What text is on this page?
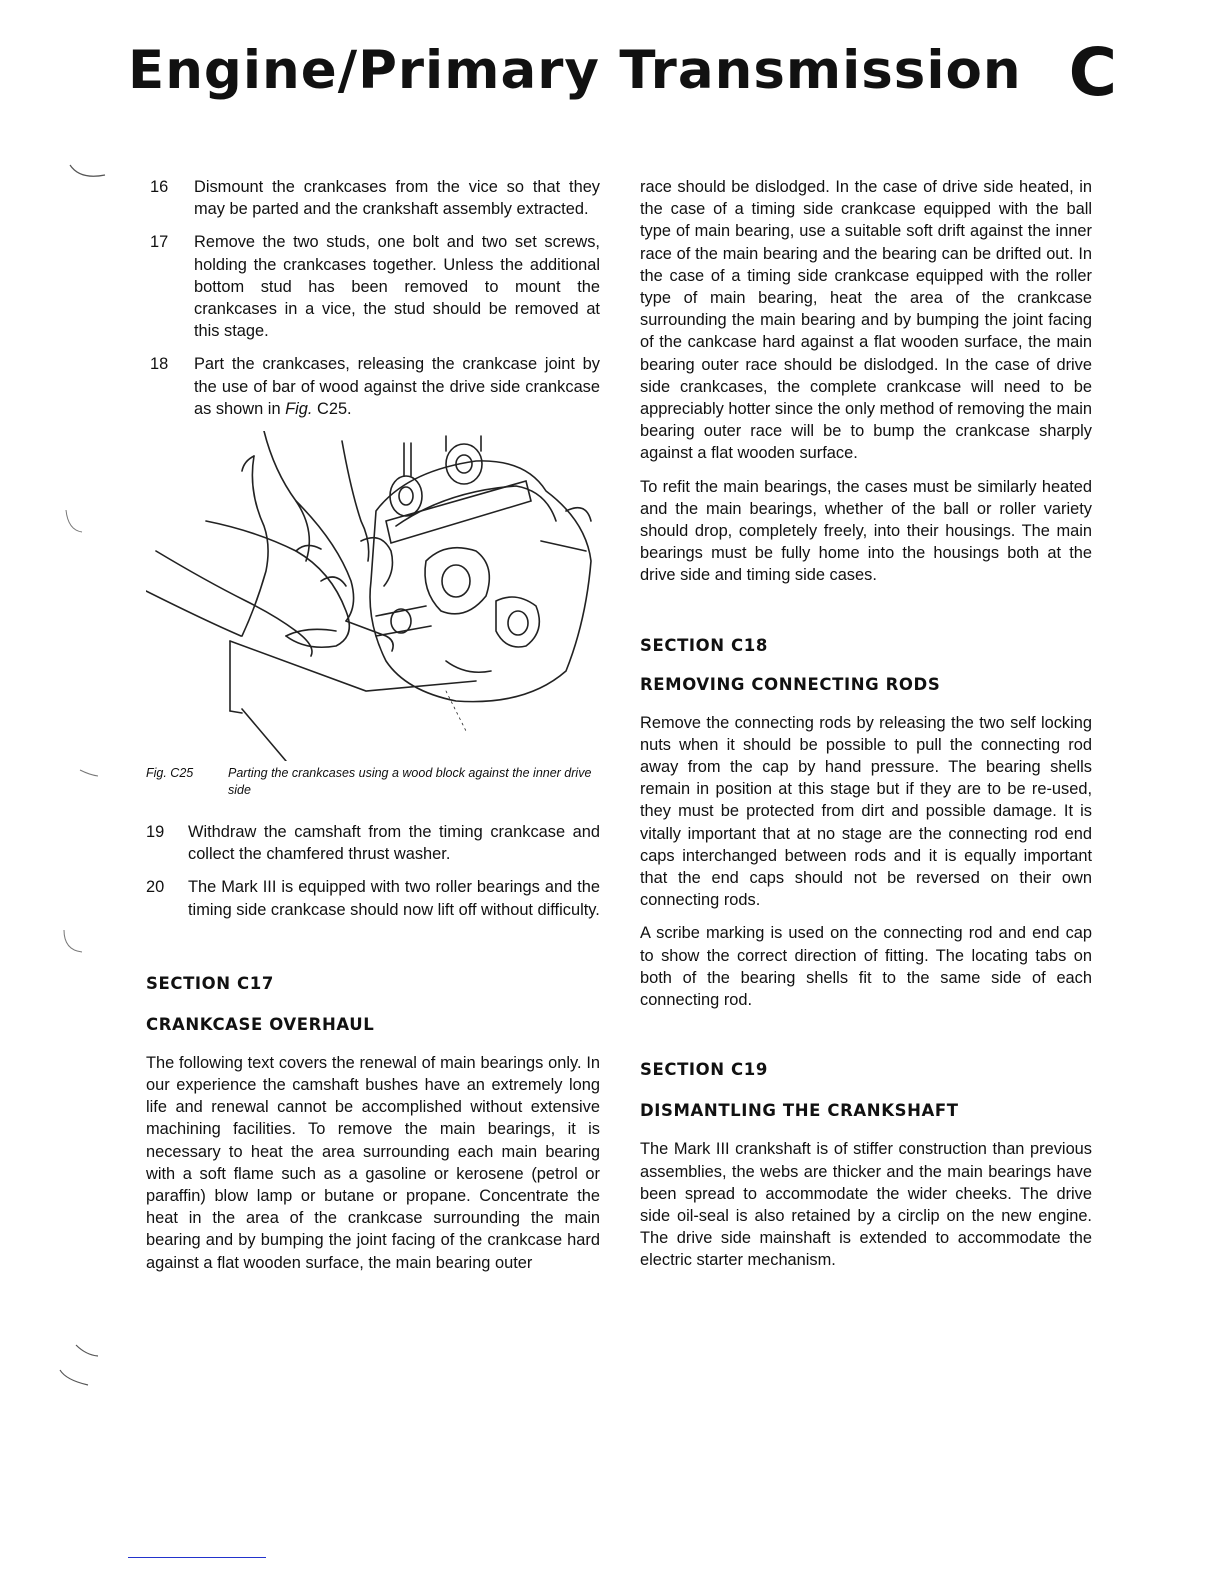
Engine/Primary Transmission C
16	Dismount the crankcases from the vice so that they may be parted and the crankshaft assembly extracted.
17	Remove the two studs, one bolt and two set screws, holding the crankcases together. Unless the additional bottom stud has been removed to mount the crankcases in a vice, the stud should be removed at this stage.
18	Part the crankcases, releasing the crankcase joint by the use of bar of wood against the drive side crankcase as shown in Fig. C25.
Fig. C25	Parting the crankcases using a wood block against the inner drive side
19	Withdraw the camshaft from the timing crankcase and collect the chamfered thrust washer.
20	The Mark III is equipped with two roller bearings and the timing side crankcase should now lift off without difficulty.
SECTION C17
CRANKCASE OVERHAUL

The following text covers the renewal of main bearings only. In our experience the camshaft bushes have an extremely long life and renewal cannot be accomplished without extensive machining facilities. To remove the main bearings, it is necessary to heat the area surrounding each main bearing with a soft flame such as a gasoline or kerosene (petrol or paraffin) blow lamp or butane or propane. Concentrate the heat in the area of the crankcase surrounding the main bearing and by bumping the joint facing of the crankcase hard against a flat wooden surface, the main bearing outer

race should be dislodged. In the case of drive side heated, in the case of a timing side crankcase equipped with the ball type of main bearing, use a suitable soft drift against the inner race of the main bearing and the bearing can be drifted out. In the case of a timing side crankcase equipped with the roller type of main bearing, heat the area of the crankcase surrounding the main bearing and by bumping the joint facing of the cankcase hard against a flat wooden surface, the main bearing outer race should be dislodged. In the case of drive side crankcases, the complete crankcase will need to be appreciably hotter since the only method of removing the main bearing outer race will be to bump the crankcase sharply against a flat wooden surface.

To refit the main bearings, the cases must be similarly heated and the main bearings, whether of the ball or roller variety should drop, completely freely, into their housings. The main bearings must be fully home into the housings both at the drive side and timing side cases.

SECTION C18
REMOVING CONNECTING RODS

Remove the connecting rods by releasing the two self locking nuts when it should be possible to pull the connecting rod away from the cap by hand pressure. The bearing shells remain in position at this stage but if they are to be re-used, they must be protected from dirt and possible damage. It is vitally important that at no stage are the connecting rod end caps interchanged between rods and it is equally important that the end caps should not be reversed on their own connecting rods.

A scribe marking is used on the connecting rod and end cap to show the correct direction of fitting. The locating tabs on both of the bearing shells fit to the same side of each connecting rod.

SECTION C19
DISMANTLING THE CRANKSHAFT

The Mark III crankshaft is of stiffer construction than previous assemblies, the webs are thicker and the main bearings have been spread to accommodate the wider cheeks. The drive side oil-seal is also retained by a circlip on the new engine. The drive side mainshaft is extended to accommodate the electric starter mechanism.
